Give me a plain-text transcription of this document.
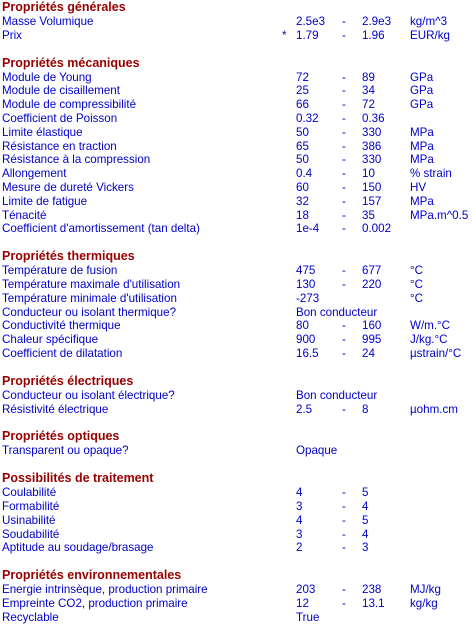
Propriétés générales
Masse Volumique	2.5e3 - 2.9e3 kg/m^3
Prix	* 1.79 - 1.96 EUR/kg
Propriétés mécaniques
Module de Young	72	- 89	GPa
Module de cisaillement	25	- 34	GPa
Module de compressibilité	66	- 72	GPa
Coefficient de Poisson	0.32 - 0.36
Limite élastique	50	- 330 MPa
Résistance en traction	65	- 386 MPa
Résistance à la compression	50	- 330 MPa
Allongement	0.4	- 10	% strain
Mesure de dureté Vickers	60	- 150 HV
Limite de fatigue	32	- 157 MPa
Ténacité	18	- 35	MPa.m^0.5
Coefficient d'amortissement (tan delta)	1e-4 - 0.002
Propriétés thermiques
Température de fusion	475 - 677 °C
Température maximale d'utilisation	130 - 220 °C
Température minimale d'utilisation	-273	°C
Conducteur ou isolant thermique?	Bon conducteur
Conductivité thermique	80	- 160 W/m.°C
Chaleur spécifique	900 - 995 J/kg.°C
Coefficient de dilatation	16.5 - 24	µstrain/°C
Propriétés électriques
Conducteur ou isolant électrique?	Bon conducteur
Résistivité électrique	2.5	- 8	µohm.cm
Propriétés optiques
Transparent ou opaque?	Opaque
Possibilités de traitement
Coulabilité	4	- 5
Formabilité	3	- 4
Usinabilité	4	- 5
Soudabilité	3	- 4
Aptitude au soudage/brasage	2	- 3
Propriétés environnementales
Energie intrinsèque, production primaire	203 - 238 MJ/kg
Empreinte CO2, production primaire	12	- 13.1 kg/kg
Recyclable	True
